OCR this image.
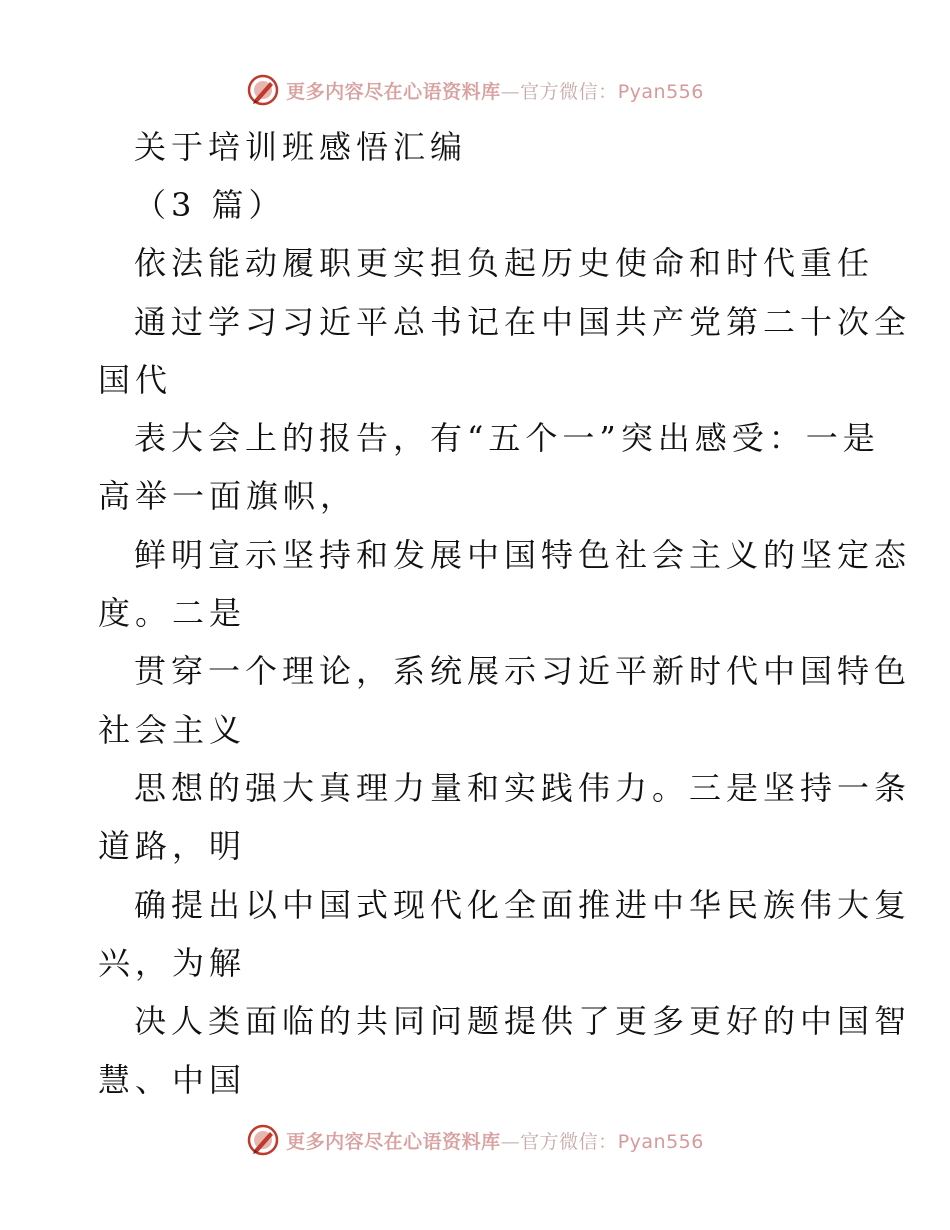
更多内容尽在心语资料库—官方微信：Pyan556
关于培训班感悟汇编
（3 篇）
依法能动履职更实担负起历史使命和时代重任
通过学习习近平总书记在中国共产党第二十次全
国代
表大会上的报告，有“五个一”突出感受：一是
高举一面旗帜，
鲜明宣示坚持和发展中国特色社会主义的坚定态
度。二是
贯穿一个理论，系统展示习近平新时代中国特色
社会主义
思想的强大真理力量和实践伟力。三是坚持一条
道路，明
确提出以中国式现代化全面推进中华民族伟大复
兴，为解
决人类面临的共同问题提供了更多更好的中国智
慧、中国
更多内容尽在心语资料库—官方微信：Pyan556
